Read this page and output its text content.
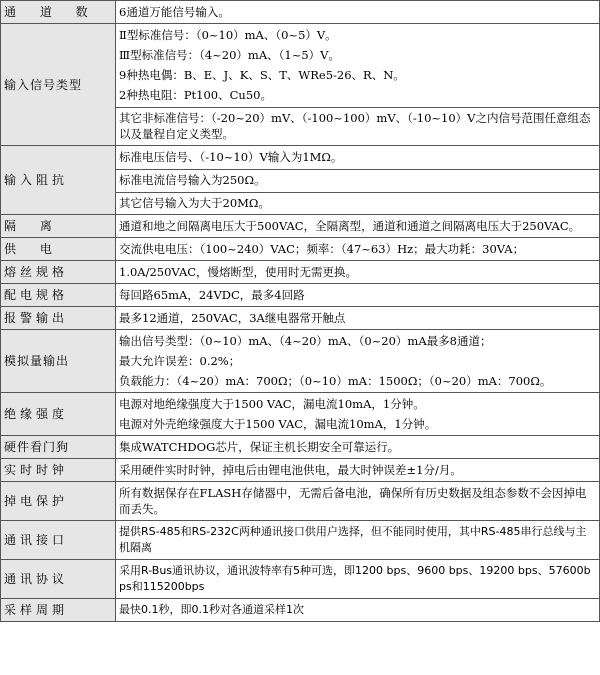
通 道 数	6通道万能信号输入。

输入信号类型	Ⅱ型标准信号：（0~10）mA、（0~5）V。
Ⅲ型标准信号：（4~20）mA、（1~5）V。
9种热电偶：B、E、J、K、S、T、WRe5-26、R、N。
2种热电阻：Pt100、Cu50。
其它非标准信号：（-20~20）mV、（-100~100）mV、（-10~10）V之内信号范围任意组态以及量程自定义类型。

输入阻抗	标准电压信号、（-10~10）V输入为1MΩ。
标准电流信号输入为250Ω。
其它信号输入为大于20MΩ。

隔 离	通道和地之间隔离电压大于500VAC，全隔离型，通道和通道之间隔离电压大于250VAC。

供 电	交流供电电压：（100~240）VAC；频率：（47~63）Hz；最大功耗：30VA；

熔丝规格	1.0A/250VAC，慢熔断型，使用时无需更换。

配电规格	每回路65mA，24VDC，最多4回路

报警输出	最多12通道，250VAC，3A继电器常开触点

模拟量输出	输出信号类型：（0~10）mA、（4~20）mA、（0~20）mA最多8通道；
最大允许误差：0.2%；
负载能力：（4~20）mA：700Ω；（0~10）mA：1500Ω；（0~20）mA：700Ω。

绝缘强度	电源对地绝缘强度大于1500 VAC，漏电流10mA，1分钟。
电源对外壳绝缘强度大于1500 VAC，漏电流10mA，1分钟。

硬件看门狗	集成WATCHDOG芯片，保证主机长期安全可靠运行。

实时时钟	采用硬件实时时钟，掉电后由锂电池供电，最大时钟误差±1分/月。

掉电保护	所有数据保存在FLASH存储器中，无需后备电池，确保所有历史数据及组态参数不会因掉电而丢失。

通讯接口	提供RS-485和RS-232C两种通讯接口供用户选择，但不能同时使用，其中RS-485串行总线与主机隔离

通讯协议	采用R-Bus通讯协议，通讯波特率有5种可选，即1200 bps、9600 bps、19200 bps、57600bps和115200bps

采样周期	最快0.1秒，即0.1秒对各通道采样1次
